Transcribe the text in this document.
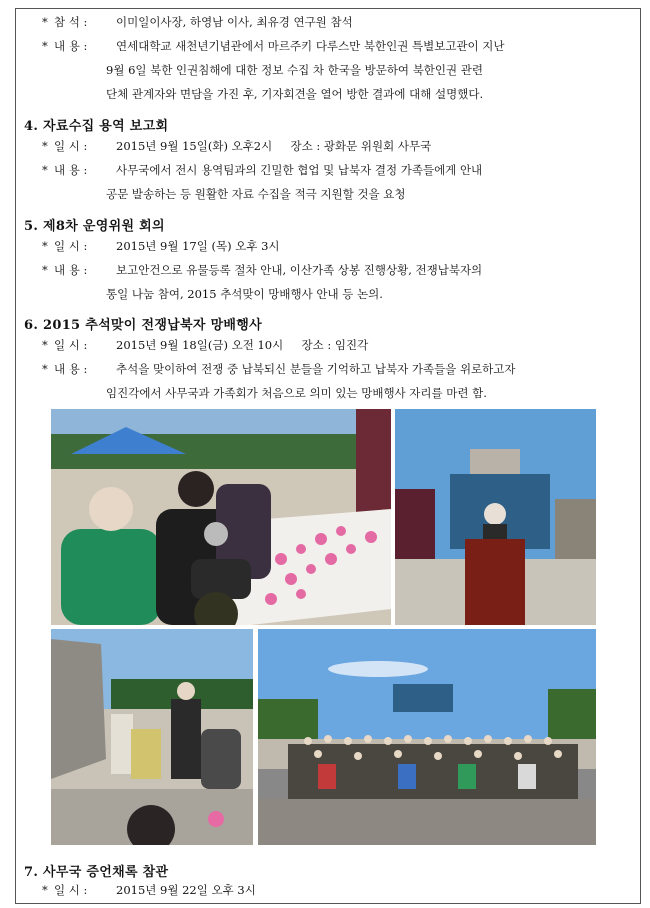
* 참 석 : 이미일이사장, 하영남 이사, 최유경 연구원 참석
* 내 용 : 연세대학교 새천년기념관에서 마르주키 다루스만 북한인권 특별보고관이 지난
9월 6일 북한 인권침해에 대한 정보 수집 차 한국을 방문하여 북한인권 관련
단체 관계자와 면담을 가진 후, 기자회견을 열어 방한 결과에 대해 설명했다.
4. 자료수집 용역 보고회
* 일 시 : 2015년 9월 15일(화) 오후2시     장소 : 광화문 위원회 사무국
* 내 용 : 사무국에서 전시 용역팀과의 긴밀한 협업 및 납북자 결정 가족들에게 안내
공문 발송하는 등 원활한 자료 수집을 적극 지원할 것을 요청
5. 제8차 운영위원 회의
* 일 시 : 2015년 9월 17일 (목) 오후 3시
* 내 용 : 보고안건으로 유물등록 절차 안내, 이산가족 상봉 진행상황, 전쟁납북자의
통일 나눔 참여, 2015 추석맞이 망배행사 안내 등 논의.
6. 2015 추석맞이 전쟁납북자 망배행사
* 일 시 : 2015년 9월 18일(금) 오전 10시     장소 : 임진각
* 내 용 : 추석을 맞이하여 전쟁 중 납북되신 분들을 기억하고 납북자 가족들을 위로하고자
임진각에서 사무국과 가족회가 처음으로 의미 있는 망배행사 자리를 마련 함.
7. 사무국 증언채록 참관
* 일 시 : 2015년 9월 22일 오후 3시
